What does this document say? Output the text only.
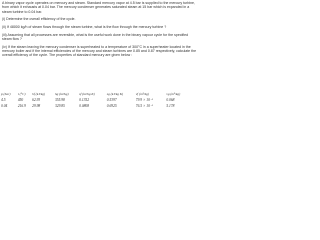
A binary vapor cycle operates on mercury and steam. Standard mercury vapor at 4.5 bar is supplied to the mercury turbine, from which it exhausts at 0.04 bar. The mercury condenser generates saturated steam at 15 bar which is expanded in a steam turbine to 0.04 bar.

(i) Determine the overall efficiency of the cycle.

(ii) If 48000 kg/h of steam flows through the steam turbine, what is the flow through the mercury turbine ?

(iii) Assuming that all processes are reversible, what is the useful work done in the binary vapour cycle for the specified steam flow ?

(iv) If the steam leaving the mercury condenser is superheated to a temperature of 300°C in a superheater located in the mercury boiler and if the internal efficiencies of the mercury and steam turbines are 0.85 and 0.87 respectively, calculate the overall efficiency of the cycle. The properties of standard mercury are given below :

p (bar)	t (°C)	hf (kJ/kg)	hg (kJ/kg)	sf (kJ/kg K)	sg (kJ/kg K)	vf (m³/kg)	vg (m³/kg)
4.5	450	62.93	355.98	0.1352	0.5397	79.9 × 10⁻⁶	0.068
0.04	216.9	29.98	329.85	0.0808	0.6925	76.5 × 10⁻⁶	5.178
